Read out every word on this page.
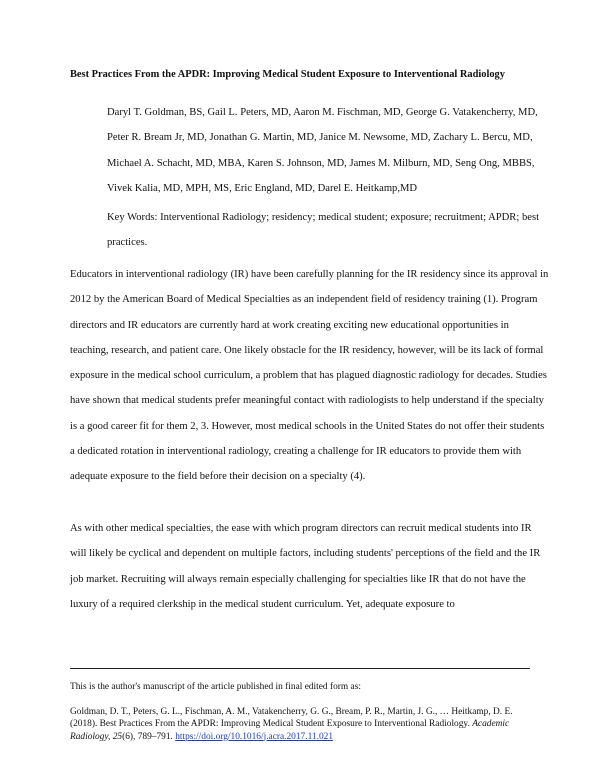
Best Practices From the APDR: Improving Medical Student Exposure to Interventional Radiology
Daryl T. Goldman, BS, Gail L. Peters, MD, Aaron M. Fischman, MD, George G. Vatakencherry, MD, Peter R. Bream Jr, MD, Jonathan G. Martin, MD, Janice M. Newsome, MD, Zachary L. Bercu, MD, Michael A. Schacht, MD, MBA, Karen S. Johnson, MD, James M. Milburn, MD, Seng Ong, MBBS, Vivek Kalia, MD, MPH, MS, Eric England, MD, Darel E. Heitkamp,MD
Key Words: Interventional Radiology; residency; medical student; exposure; recruitment; APDR; best practices.
Educators in interventional radiology (IR) have been carefully planning for the IR residency since its approval in 2012 by the American Board of Medical Specialties as an independent field of residency training (1). Program directors and IR educators are currently hard at work creating exciting new educational opportunities in teaching, research, and patient care. One likely obstacle for the IR residency, however, will be its lack of formal exposure in the medical school curriculum, a problem that has plagued diagnostic radiology for decades. Studies have shown that medical students prefer meaningful contact with radiologists to help understand if the specialty is a good career fit for them 2, 3. However, most medical schools in the United States do not offer their students a dedicated rotation in interventional radiology, creating a challenge for IR educators to provide them with adequate exposure to the field before their decision on a specialty (4).
As with other medical specialties, the ease with which program directors can recruit medical students into IR will likely be cyclical and dependent on multiple factors, including students' perceptions of the field and the IR job market. Recruiting will always remain especially challenging for specialties like IR that do not have the luxury of a required clerkship in the medical student curriculum. Yet, adequate exposure to
This is the author's manuscript of the article published in final edited form as:
Goldman, D. T., Peters, G. L., Fischman, A. M., Vatakencherry, G. G., Bream, P. R., Martin, J. G., … Heitkamp, D. E. (2018). Best Practices From the APDR: Improving Medical Student Exposure to Interventional Radiology. Academic Radiology, 25(6), 789–791. https://doi.org/10.1016/j.acra.2017.11.021
